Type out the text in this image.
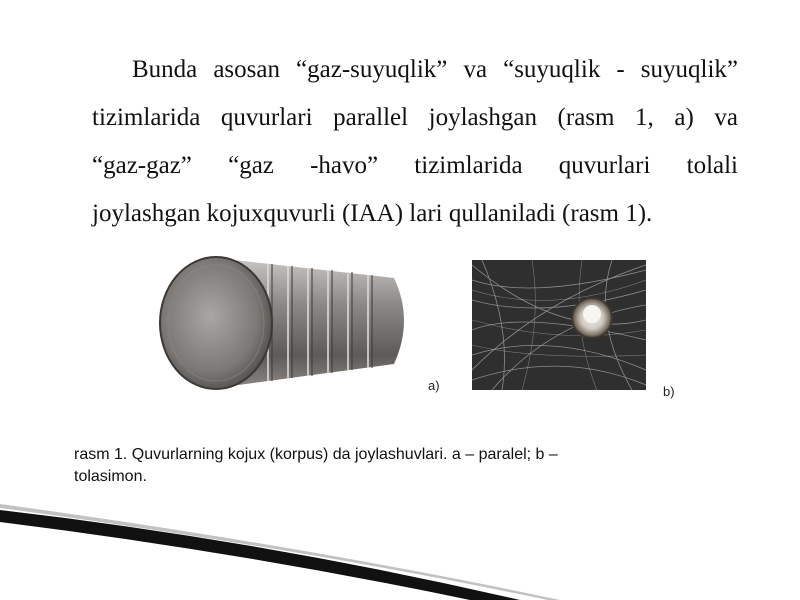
Bunda asosan “gaz-suyuqlik” va “suyuqlik - suyuqlik”
tizimlarida quvurlari parallel joylashgan (rasm 1, a) va
“gaz-gaz” “gaz -havo” tizimlarida quvurlari tolali
joylashgan kojuxquvurli (IAA) lari qullaniladi (rasm 1).
a)	b)
rasm 1. Quvurlarning kojux (korpus) da joylashuvlari. a – paralel; b –
tolasimon.
